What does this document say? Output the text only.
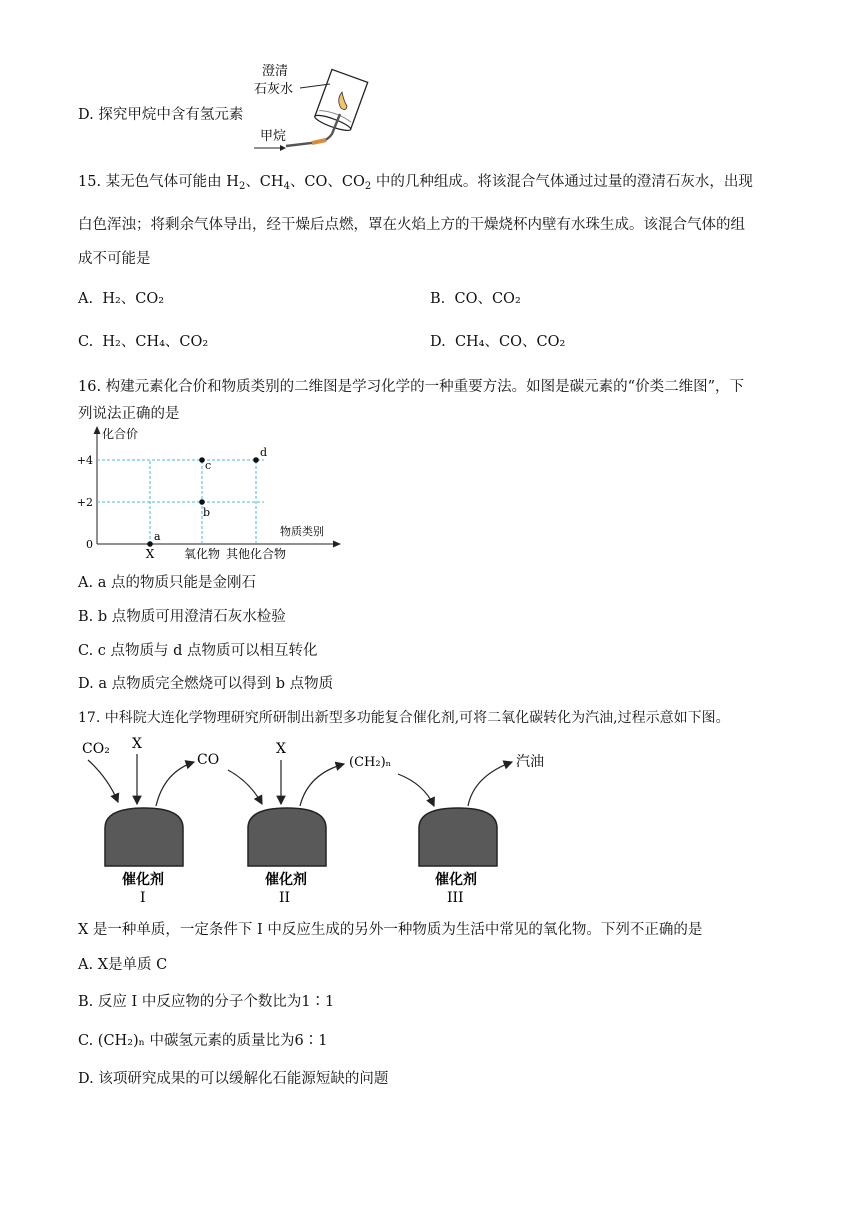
D. 探究甲烷中含有氢元素
澄清
石灰水
甲烷
15. 某无色气体可能由 $H_2$、$CH_4$、CO、$CO_2$ 中的几种组成。将该混合气体通过过量的澄清石灰水，出现
白色浑浊；将剩余气体导出，经干燥后点燃，罩在火焰上方的干燥烧杯内壁有水珠生成。该混合气体的组
成不可能是
A. H₂、CO₂	B. CO、CO₂
C. H₂、CH₄、CO₂	D. CH₄、CO、CO₂
16. 构建元素化合价和物质类别的二维图是学习化学的一种重要方法。如图是碳元素的“价类二维图”，下
列说法正确的是
化合价
物质类别
+4
+2
0
X 氧化物 其他化合物
a
b
c
d
A. a 点的物质只能是金刚石
B. b 点物质可用澄清石灰水检验
C. c 点物质与 d 点物质可以相互转化
D. a 点物质完全燃烧可以得到 b 点物质
17. 中科院大连化学物理研究所研制出新型多功能复合催化剂,可将二氧化碳转化为汽油,过程示意如下图。
CO₂ X
CO
X
(CH₂)ₙ	汽油
催化剂
I
催化剂
II
催化剂
III
X 是一种单质，一定条件下 I 中反应生成的另外一种物质为生活中常见的氧化物。下列不正确的是
A. X是单质 C
B. 反应 I 中反应物的分子个数比为1∶1
C. (CH₂)ₙ 中碳氢元素的质量比为6∶1
D. 该项研究成果的可以缓解化石能源短缺的问题
